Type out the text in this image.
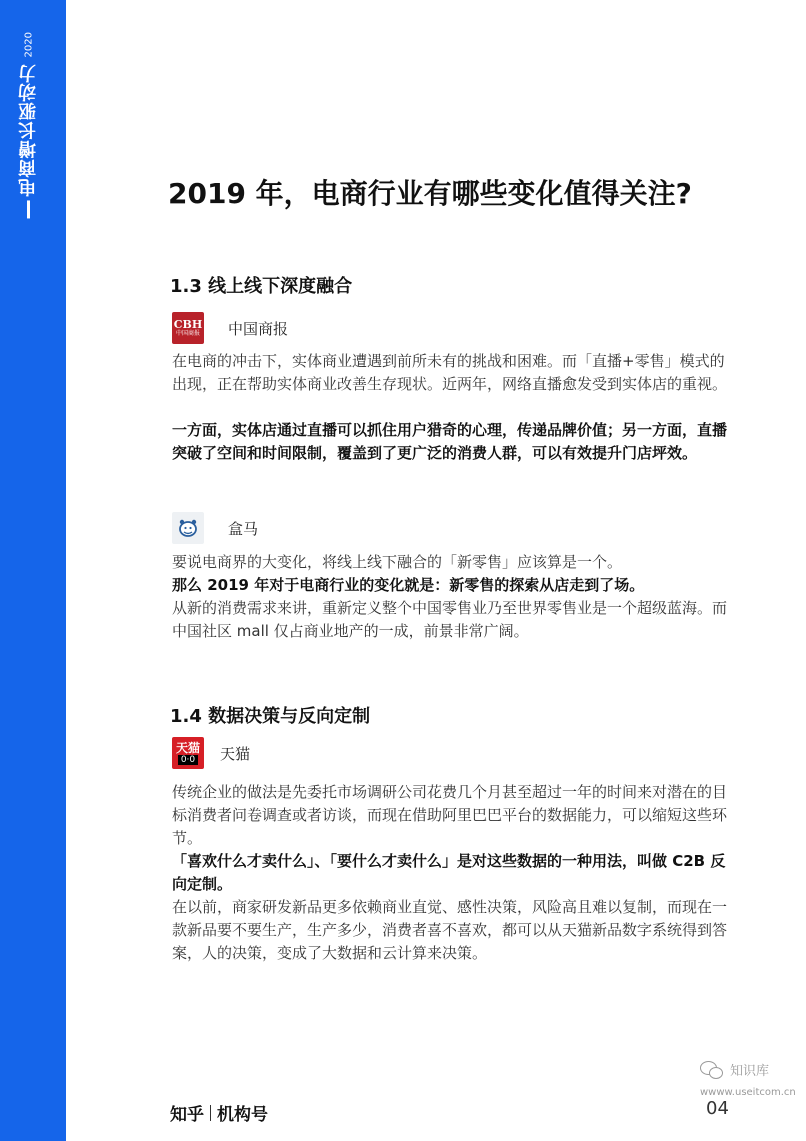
电商增长驱动力
2020
2019 年，电商行业有哪些变化值得关注?
1.3 线上线下深度融合
CBH
中国商报 中国商报

在电商的冲击下，实体商业遭遇到前所未有的挑战和困难。而「直播+零售」模式的出现，正在帮助实体商业改善生存现状。近两年，网络直播愈发受到实体店的重视。

一方面，实体店通过直播可以抓住用户猎奇的心理，传递品牌价值；另一方面，直播突破了空间和时间限制，覆盖到了更广泛的消费人群，可以有效提升门店坪效。

盒马

要说电商界的大变化，将线上线下融合的「新零售」应该算是一个。

那么 2019 年对于电商行业的变化就是：新零售的探索从店走到了场。

从新的消费需求来讲，重新定义整个中国零售业乃至世界零售业是一个超级蓝海。而中国社区 mall 仅占商业地产的一成，前景非常广阔。

1.4 数据决策与反向定制
天猫
0·0 天猫

传统企业的做法是先委托市场调研公司花费几个月甚至超过一年的时间来对潜在的目标消费者问卷调查或者访谈，而现在借助阿里巴巴平台的数据能力，可以缩短这些环节。

「喜欢什么才卖什么」、「要什么才卖什么」是对这些数据的一种用法，叫做 C2B 反向定制。

在以前，商家研发新品更多依赖商业直觉、感性决策，风险高且难以复制，而现在一款新品要不要生产，生产多少，消费者喜不喜欢，都可以从天猫新品数字系统得到答案，人的决策，变成了大数据和云计算来决策。

知乎 机构号	04
知识库
wwww.useitcom.cn
